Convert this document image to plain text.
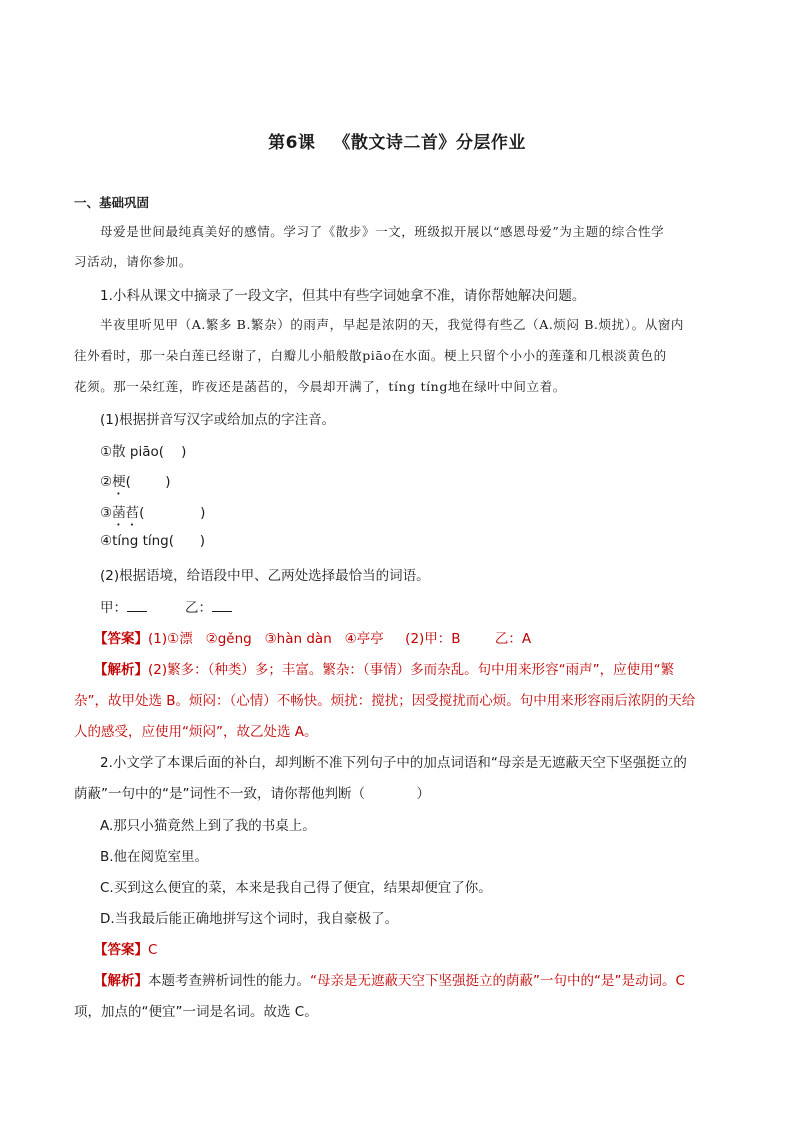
第6课 《散文诗二首》分层作业
一、基础巩固
母爱是世间最纯真美好的感情。学习了《散步》一文，班级拟开展以“感恩母爱”为主题的综合性学
习活动，请你参加。
1.小科从课文中摘录了一段文字，但其中有些字词她拿不准，请你帮她解决问题。
半夜里听见甲（A.繁多 B.繁杂）的雨声，早起是浓阴的天，我觉得有些乙（A.烦闷 B.烦扰）。从窗内
往外看时，那一朵白莲已经谢了，白瓣儿小船般散piāo在水面。梗上只留个小小的莲蓬和几根淡黄色的
花须。那一朵红莲，昨夜还是菡萏的，今晨却开满了，tíng tíng地在绿叶中间立着。
(1)根据拼音写汉字或给加点的字注音。
①散 piāo(    )
②梗(        )
③菡萏(             )
④tíng tíng(      )
(2)根据语境，给语段中甲、乙两处选择最恰当的词语。
甲：	乙：
【答案】(1)①漂   ②gěng   ③hàn dàn   ④亭亭     (2)甲：B        乙：A
【解析】(2)繁多：（种类）多；丰富。繁杂：（事情）多而杂乱。句中用来形容“雨声”，应使用“繁
杂”，故甲处选 B。烦闷：（心情）不畅快。烦扰：搅扰；因受搅扰而心烦。句中用来形容雨后浓阴的天给
人的感受，应使用“烦闷”，故乙处选 A。
2.小文学了本课后面的补白，却判断不准下列句子中的加点词语和“母亲是无遮蔽天空下坚强挺立的
荫蔽”一句中的“是”词性不一致，请你帮他判断（            ）
A.那只小猫竟然上到了我的书桌上。
B.他在阅览室里。
C.买到这么便宜的菜，本来是我自己得了便宜，结果却便宜了你。
D.当我最后能正确地拼写这个词时，我自豪极了。
【答案】C
【解析】本题考查辨析词性的能力。“母亲是无遮蔽天空下坚强挺立的荫蔽”一句中的“是”是动词。C
项，加点的“便宜”一词是名词。故选 C。
